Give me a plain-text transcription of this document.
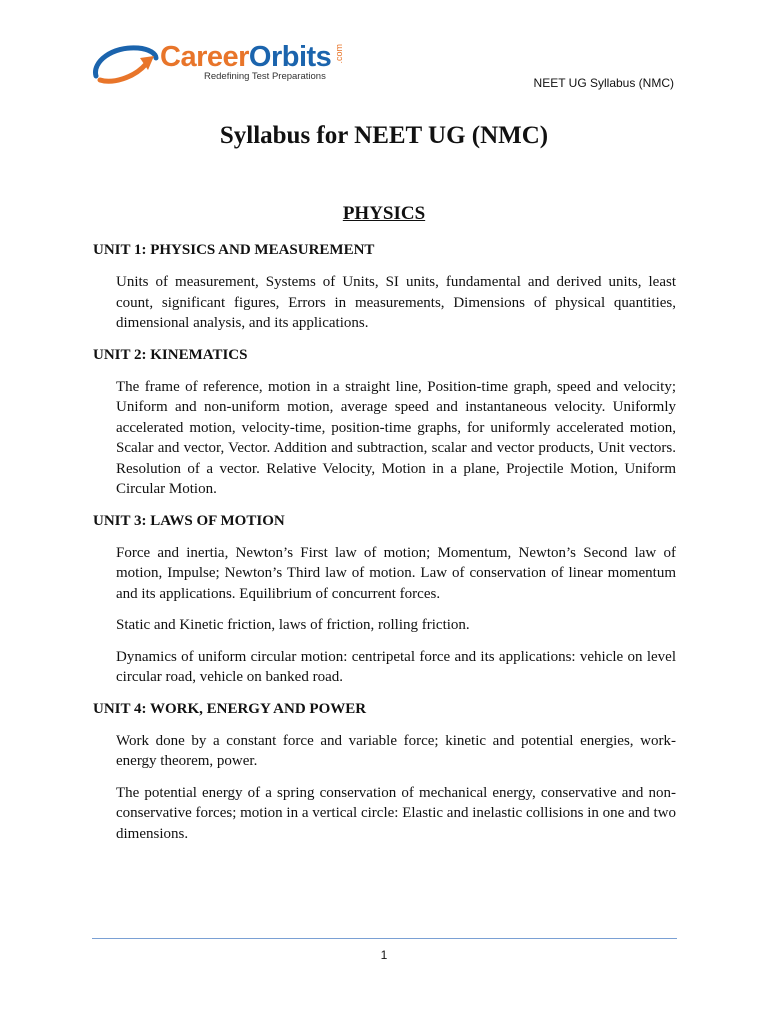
CareerOrbits .com
Redefining Test Preparations	NEET UG Syllabus (NMC)
Syllabus for NEET UG (NMC)
PHYSICS
UNIT 1: PHYSICS AND MEASUREMENT

Units of measurement, Systems of Units, SI units, fundamental and derived units, least count, significant figures, Errors in measurements, Dimensions of physical quantities, dimensional analysis, and its applications.

UNIT 2: KINEMATICS

The frame of reference, motion in a straight line, Position-time graph, speed and velocity; Uniform and non-uniform motion, average speed and instantaneous velocity. Uniformly accelerated motion, velocity-time, position-time graphs, for uniformly accelerated motion, Scalar and vector, Vector. Addition and subtraction, scalar and vector products, Unit vectors. Resolution of a vector. Relative Velocity, Motion in a plane, Projectile Motion, Uniform Circular Motion.

UNIT 3: LAWS OF MOTION

Force and inertia, Newton’s First law of motion; Momentum, Newton’s Second law of motion, Impulse; Newton’s Third law of motion. Law of conservation of linear momentum and its applications. Equilibrium of concurrent forces.

Static and Kinetic friction, laws of friction, rolling friction.

Dynamics of uniform circular motion: centripetal force and its applications: vehicle on level circular road, vehicle on banked road.

UNIT 4: WORK, ENERGY AND POWER

Work done by a constant force and variable force; kinetic and potential energies, work-energy theorem, power.

The potential energy of a spring conservation of mechanical energy, conservative and non-conservative forces; motion in a vertical circle: Elastic and inelastic collisions in one and two dimensions.

1
